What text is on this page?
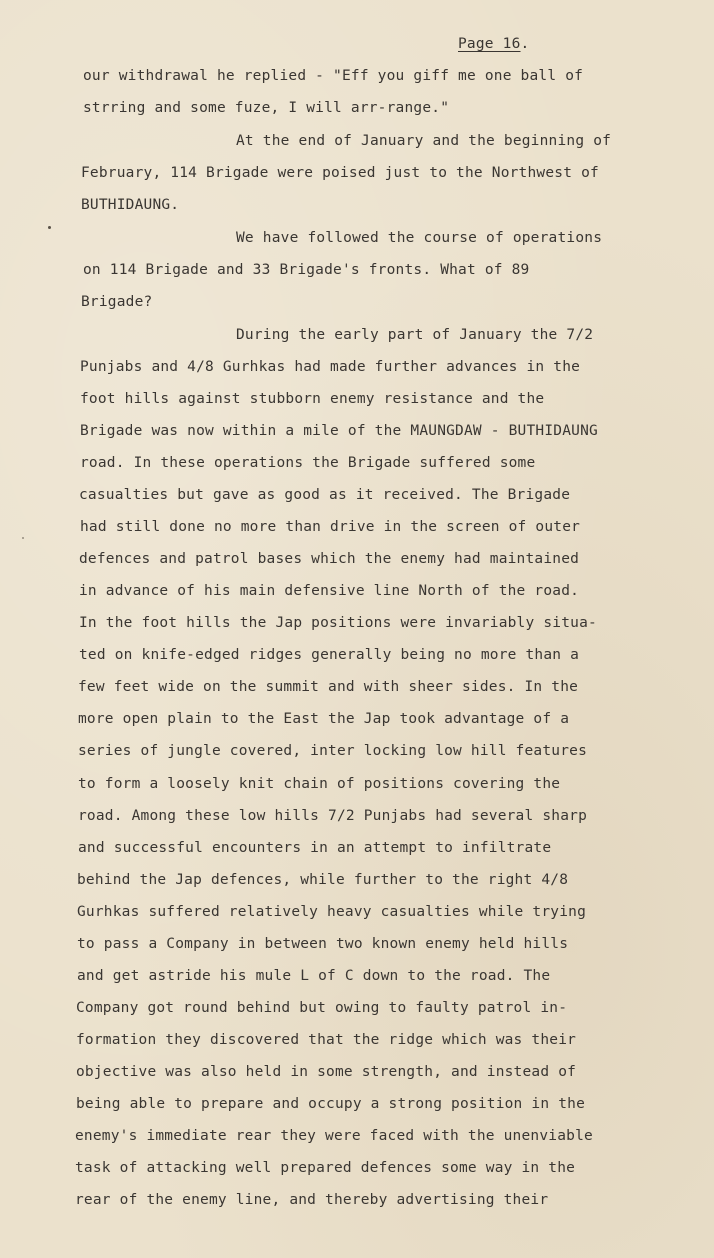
Page 16.
our withdrawal he replied - "Eff you giff me one ball of
strring and some fuze, I will arr-range."
At the end of January and the beginning of
February, 114 Brigade were poised just to the Northwest of
BUTHIDAUNG.
We have followed the course of operations
on 114 Brigade and 33 Brigade's fronts. What of 89
Brigade?
During the early part of January the 7/2
Punjabs and 4/8 Gurhkas had made further advances in the
foot hills against stubborn enemy resistance and the
Brigade was now within a mile of the MAUNGDAW - BUTHIDAUNG
road. In these operations the Brigade suffered some
casualties but gave as good as it received. The Brigade
had still done no more than drive in the screen of outer
defences and patrol bases which the enemy had maintained
in advance of his main defensive line North of the road.
In the foot hills the Jap positions were invariably situa-
ted on knife-edged ridges generally being no more than a
few feet wide on the summit and with sheer sides. In the
more open plain to the East the Jap took advantage of a
series of jungle covered, inter locking low hill features
to form a loosely knit chain of positions covering the
road. Among these low hills 7/2 Punjabs had several sharp
and successful encounters in an attempt to infiltrate
behind the Jap defences, while further to the right 4/8
Gurhkas suffered relatively heavy casualties while trying
to pass a Company in between two known enemy held hills
and get astride his mule L of C down to the road. The
Company got round behind but owing to faulty patrol in-
formation they discovered that the ridge which was their
objective was also held in some strength, and instead of
being able to prepare and occupy a strong position in the
enemy's immediate rear they were faced with the unenviable
task of attacking well prepared defences some way in the
rear of the enemy line, and thereby advertising their
